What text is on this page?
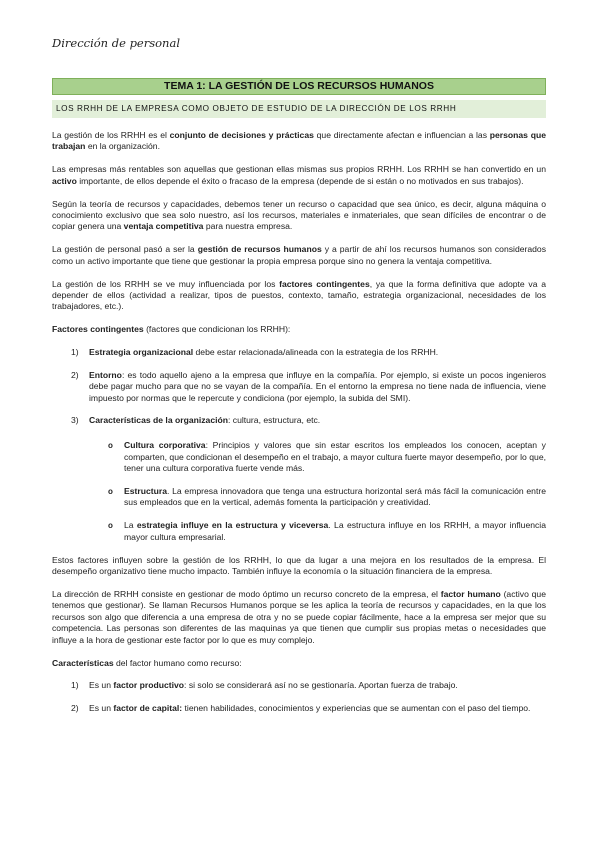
Dirección de personal
TEMA 1: LA GESTIÓN DE LOS RECURSOS HUMANOS
LOS RRHH DE LA EMPRESA COMO OBJETO DE ESTUDIO DE LA DIRECCIÓN DE LOS RRHH

La gestión de los RRHH es el conjunto de decisiones y prácticas que directamente afectan e influencian a las personas que trabajan en la organización.

Las empresas más rentables son aquellas que gestionan ellas mismas sus propios RRHH. Los RRHH se han convertido en un activo importante, de ellos depende el éxito o fracaso de la empresa (depende de si están o no motivados en sus trabajos).

Según la teoría de recursos y capacidades, debemos tener un recurso o capacidad que sea único, es decir, alguna máquina o conocimiento exclusivo que sea solo nuestro, así los recursos, materiales e inmateriales, que sean difíciles de encontrar o de copiar genera una ventaja competitiva para nuestra empresa.

La gestión de personal pasó a ser la gestión de recursos humanos y a partir de ahí los recursos humanos son considerados como un activo importante que tiene que gestionar la propia empresa porque sino no genera la ventaja competitiva.

La gestión de los RRHH se ve muy influenciada por los factores contingentes, ya que la forma definitiva que adopte va a depender de ellos (actividad a realizar, tipos de puestos, contexto, tamaño, estrategia organizacional, necesidades de los trabajadores, etc.).

Factores contingentes (factores que condicionan los RRHH):

1) Estrategia organizacional debe estar relacionada/alineada con la estrategia de los RRHH.
2) Entorno: es todo aquello ajeno a la empresa que influye en la compañía. Por ejemplo, si existe un pocos ingenieros debe pagar mucho para que no se vayan de la compañía. En el entorno la empresa no tiene nada de influencia, viene impuesto por normas que le repercute y condiciona (por ejemplo, la subida del SMI).
3) Características de la organización: cultura, estructura, etc.
o Cultura corporativa: Principios y valores que sin estar escritos los empleados los conocen, aceptan y comparten, que condicionan el desempeño en el trabajo, a mayor cultura fuerte mayor desempeño, por lo que, tener una cultura corporativa fuerte vende más.
o Estructura. La empresa innovadora que tenga una estructura horizontal será más fácil la comunicación entre sus empleados que en la vertical, además fomenta la participación y creatividad.
o La estrategia influye en la estructura y viceversa. La estructura influye en los RRHH, a mayor influencia mayor cultura empresarial.

Estos factores influyen sobre la gestión de los RRHH, lo que da lugar a una mejora en los resultados de la empresa. El desempeño organizativo tiene mucho impacto. También influye la economía o la situación financiera de la empresa.

La dirección de RRHH consiste en gestionar de modo óptimo un recurso concreto de la empresa, el factor humano (activo que tenemos que gestionar). Se llaman Recursos Humanos porque se les aplica la teoría de recursos y capacidades, en la que los recursos son algo que diferencia a una empresa de otra y no se puede copiar fácilmente, hace a la empresa ser mejor que su competencia. Las personas son diferentes de las maquinas ya que tienen que cumplir sus propias metas o necesidades que influye a la hora de gestionar este factor por lo que es muy complejo.

Características del factor humano como recurso:

1) Es un factor productivo: si solo se considerará así no se gestionaría. Aportan fuerza de trabajo.
2) Es un factor de capital: tienen habilidades, conocimientos y experiencias que se aumentan con el paso del tiempo.
